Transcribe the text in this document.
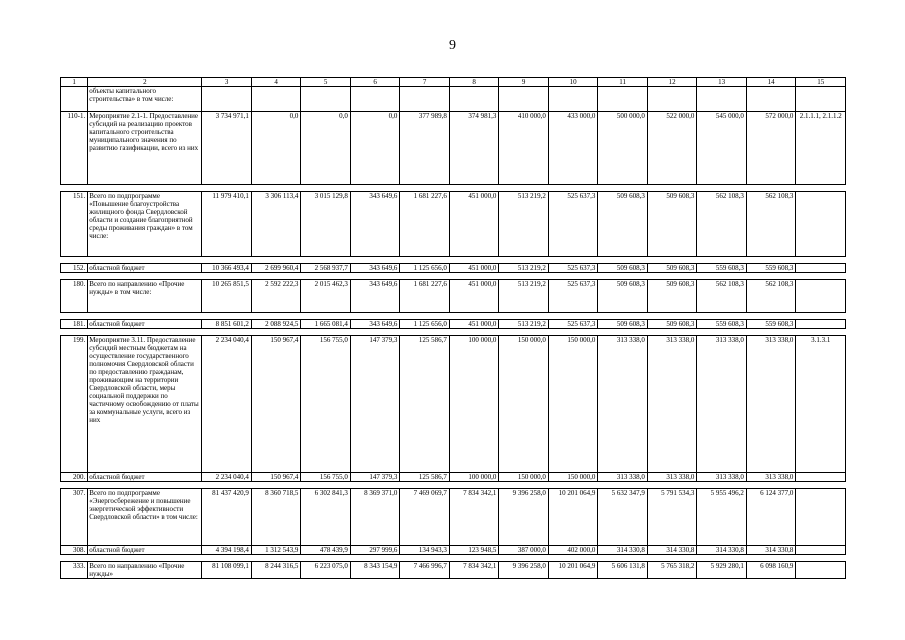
9
1	2	3	4	5	6	7	8	9	10	11	12	13	14	15
	объекты капитального строительства» в том числе:													
110-1.	Мероприятие 2.1-1. Предоставление субсидий на реализацию проектов капитального строительства муниципального значения по развитию газификации, всего из них	3 734 971,1	0,0	0,0	0,0	377 989,8	374 981,3	410 000,0	433 000,0	500 000,0	522 000,0	545 000,0	572 000,0	2.1.1.1, 2.1.1.2

151.	Всего по подпрограмме «Повышение благоустройства жилищного фонда Свердловской области и создание благоприятной среды проживания граждан» в том числе:	11 979 410,1	3 306 113,4	3 015 129,8	343 649,6	1 681 227,6	451 000,0	513 219,2	525 637,3	509 608,3	509 608,3	562 108,3	562 108,3	

152.	областной бюджет	10 366 493,4	2 699 960,4	2 568 937,7	343 649,6	1 125 656,0	451 000,0	513 219,2	525 637,3	509 608,3	509 608,3	559 608,3	559 608,3	

180.	Всего по направлению «Прочие нужды» в том числе:	10 265 851,5	2 592 222,3	2 015 462,3	343 649,6	1 681 227,6	451 000,0	513 219,2	525 637,3	509 608,3	509 608,3	562 108,3	562 108,3	

181.	областной бюджет	8 851 601,2	2 088 924,5	1 665 081,4	343 649,6	1 125 656,0	451 000,0	513 219,2	525 637,3	509 608,3	509 608,3	559 608,3	559 608,3	

199.	Мероприятие 3.11. Предоставление субсидий местным бюджетам на осуществление государственного полномочия Свердловской области по предоставлению гражданам, проживающим на территории Свердловской области, меры социальной поддержки по частичному освобождению от платы за коммунальные услуги, всего из них	2 234 040,4	150 967,4	156 755,0	147 379,3	125 586,7	100 000,0	150 000,0	150 000,0	313 338,0	313 338,0	313 338,0	313 338,0	3.1.3.1
200.	областной бюджет	2 234 040,4	150 967,4	156 755,0	147 379,3	125 586,7	100 000,0	150 000,0	150 000,0	313 338,0	313 338,0	313 338,0	313 338,0	

307.	Всего по подпрограмме «Энергосбережение и повышение энергетической эффективности Свердловской области» в том числе:	81 437 420,9	8 360 718,5	6 302 841,3	8 369 371,0	7 469 069,7	7 834 342,1	9 396 258,0	10 201 064,9	5 632 347,9	5 791 534,3	5 955 496,2	6 124 377,0	
308.	областной бюджет	4 394 198,4	1 312 543,9	478 439,9	297 999,6	134 943,3	123 948,5	387 000,0	402 000,0	314 330,8	314 330,8	314 330,8	314 330,8	

333.	Всего по направлению «Прочие нужды»	81 108 099,1	8 244 316,5	6 223 075,0	8 343 154,9	7 466 996,7	7 834 342,1	9 396 258,0	10 201 064,9	5 606 131,8	5 765 318,2	5 929 280,1	6 098 160,9	
